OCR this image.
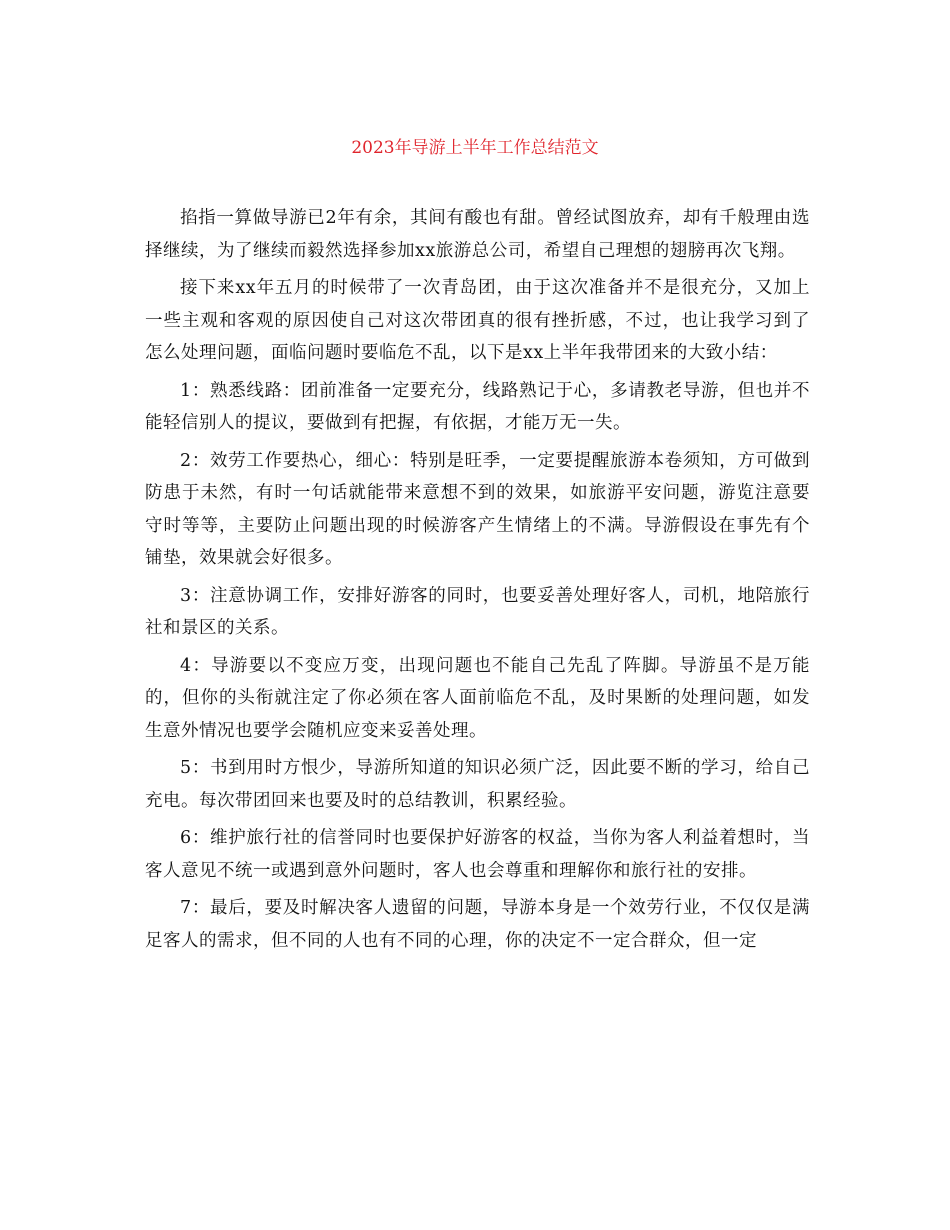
2023年导游上半年工作总结范文

掐指一算做导游已2年有余，其间有酸也有甜。曾经试图放弃，却有千般理由选择继续，为了继续而毅然选择参加xx旅游总公司，希望自己理想的翅膀再次飞翔。

接下来xx年五月的时候带了一次青岛团，由于这次准备并不是很充分，又加上一些主观和客观的原因使自己对这次带团真的很有挫折感，不过，也让我学习到了怎么处理问题，面临问题时要临危不乱，以下是xx上半年我带团来的大致小结：

1：熟悉线路：团前准备一定要充分，线路熟记于心，多请教老导游，但也并不能轻信别人的提议，要做到有把握，有依据，才能万无一失。

2：效劳工作要热心，细心：特别是旺季，一定要提醒旅游本卷须知，方可做到防患于未然，有时一句话就能带来意想不到的效果，如旅游平安问题，游览注意要守时等等，主要防止问题出现的时候游客产生情绪上的不满。导游假设在事先有个铺垫，效果就会好很多。

3：注意协调工作，安排好游客的同时，也要妥善处理好客人，司机，地陪旅行社和景区的关系。

4：导游要以不变应万变，出现问题也不能自己先乱了阵脚。导游虽不是万能的，但你的头衔就注定了你必须在客人面前临危不乱，及时果断的处理问题，如发生意外情况也要学会随机应变来妥善处理。

5：书到用时方恨少，导游所知道的知识必须广泛，因此要不断的学习，给自己充电。每次带团回来也要及时的总结教训，积累经验。

6：维护旅行社的信誉同时也要保护好游客的权益，当你为客人利益着想时，当客人意见不统一或遇到意外问题时，客人也会尊重和理解你和旅行社的安排。

7：最后，要及时解决客人遗留的问题，导游本身是一个效劳行业，不仅仅是满足客人的需求，但不同的人也有不同的心理，你的决定不一定合群众，但一定
